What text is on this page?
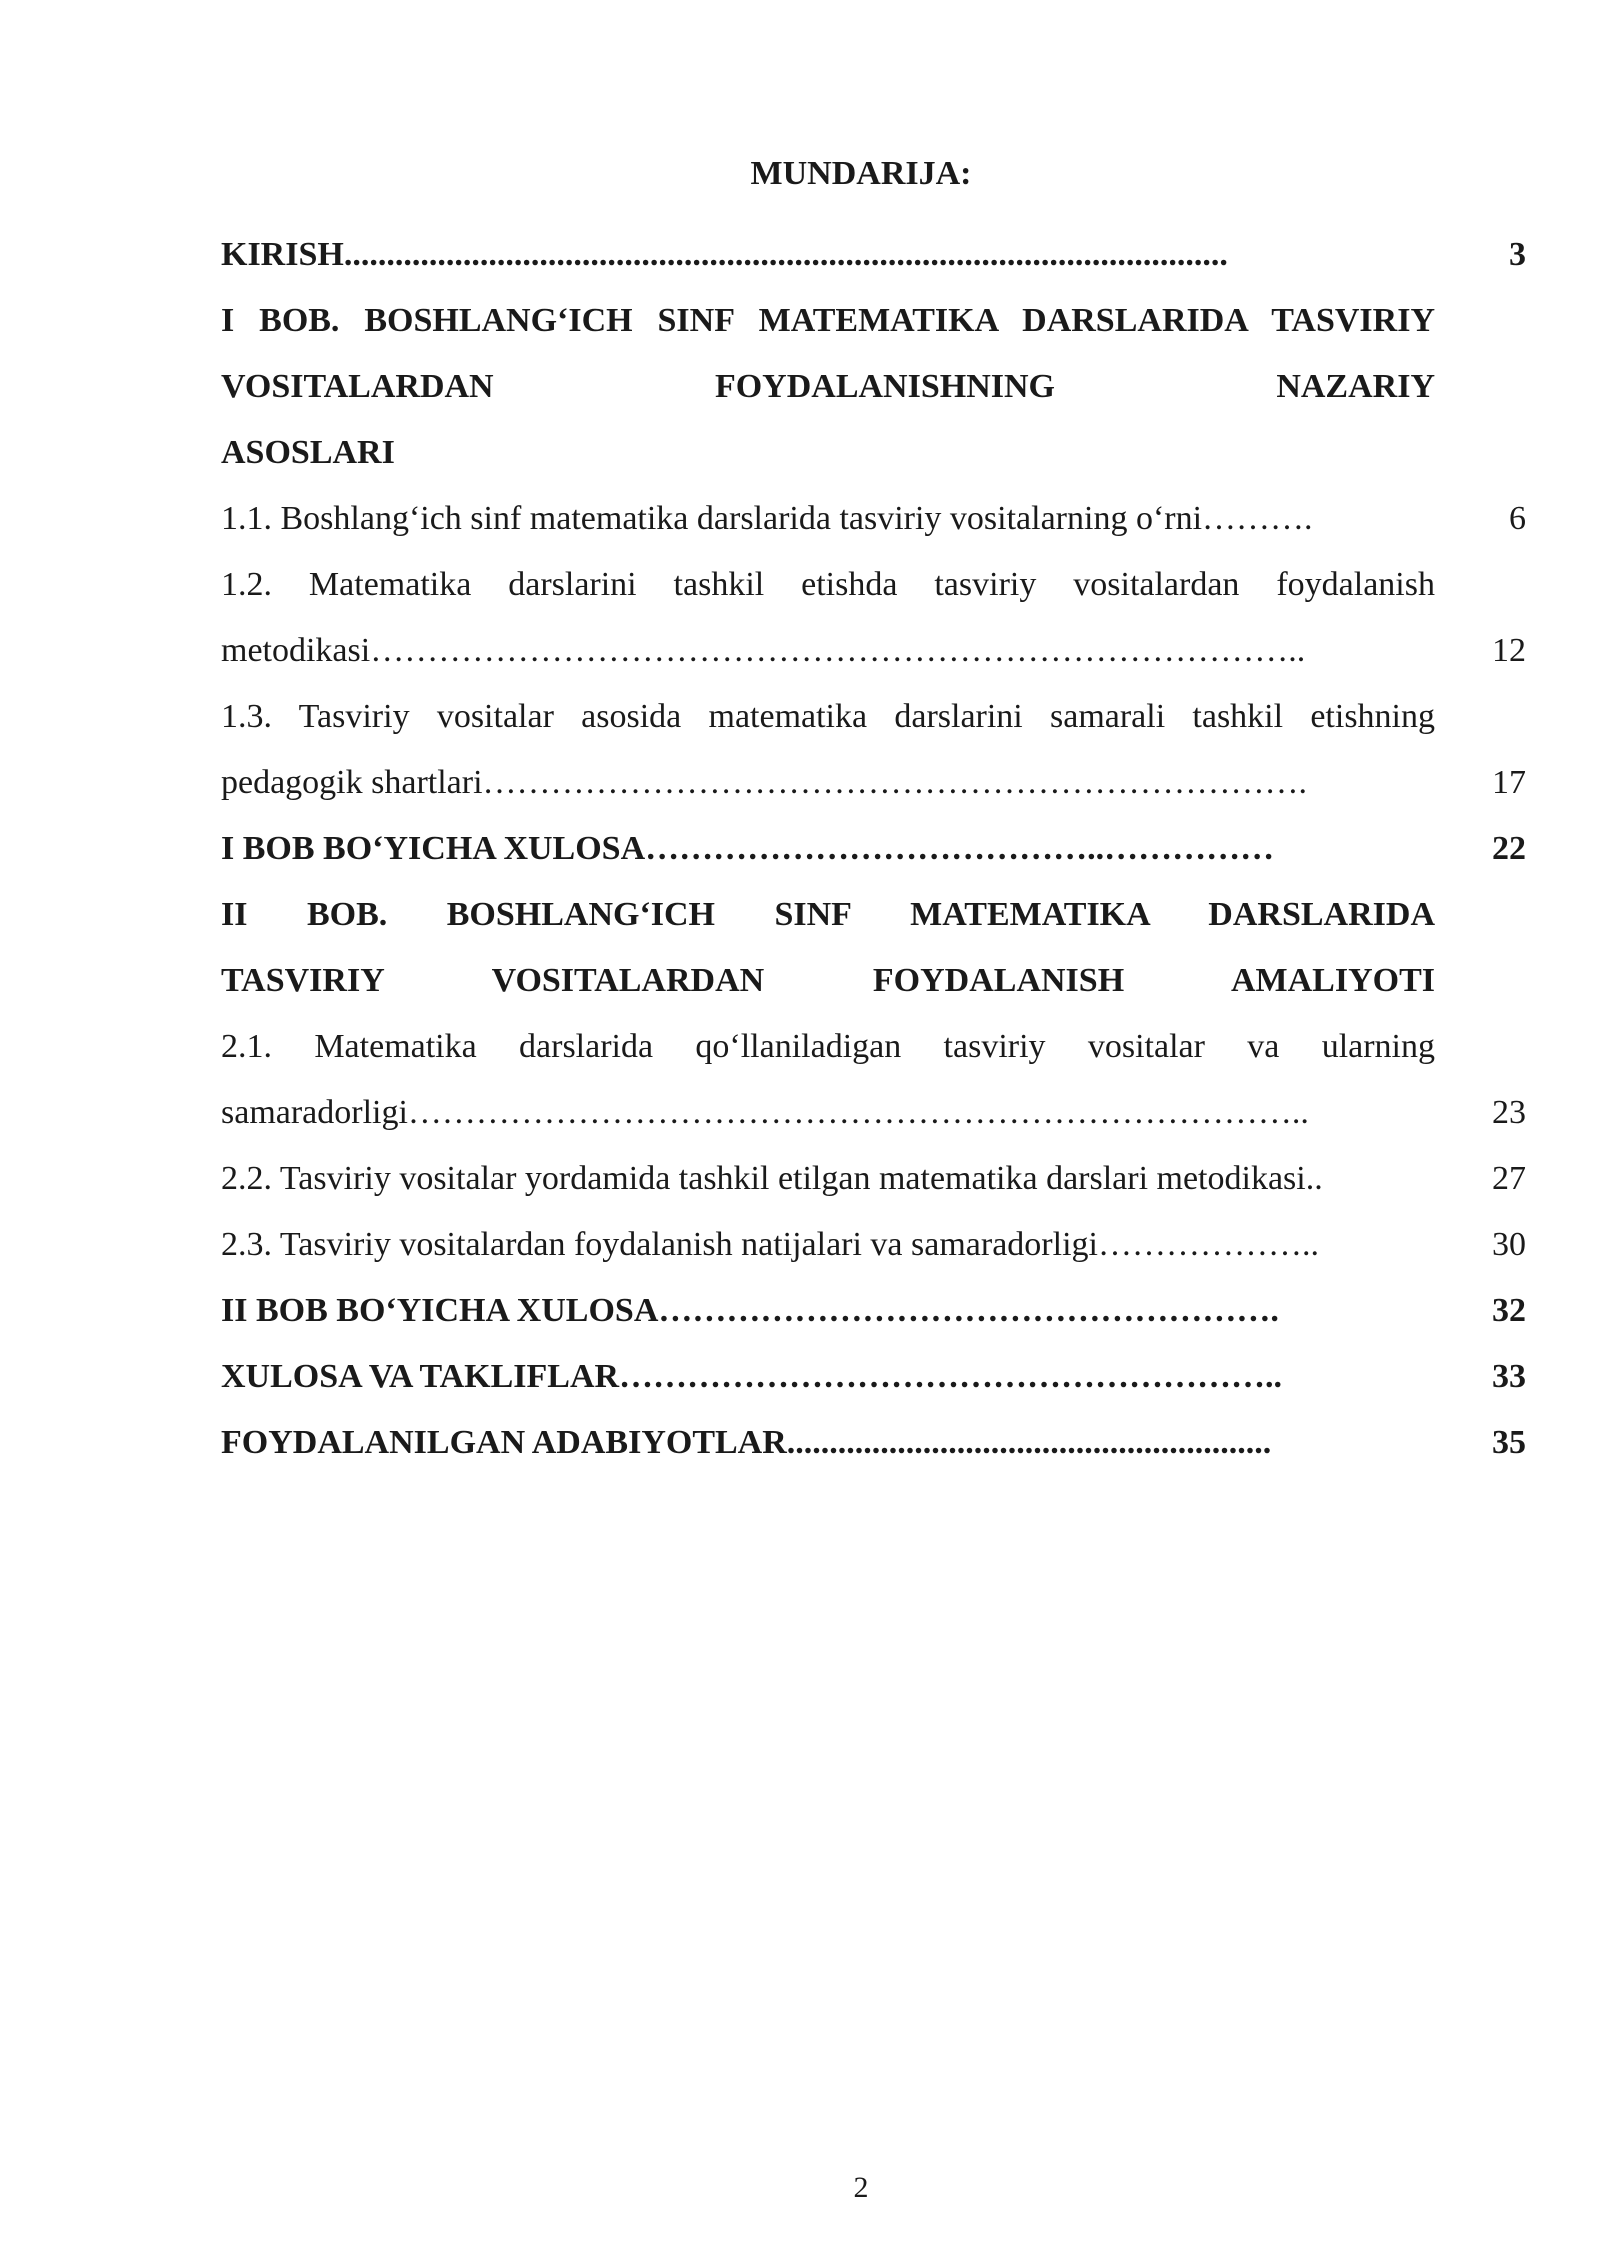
MUNDARIJA:
KIRISH........................................................................................................	3
I BOB. BOSHLANG‘ICH SINF MATEMATIKA DARSLARIDA TASVIRIY VOSITALARDAN FOYDALANISHNING NAZARIY
ASOSLARI
1.1. Boshlang‘ich sinf matematika darslarida tasviriy vositalarning o‘rni……….	6
1.2. Matematika darslarini tashkil etishda tasviriy vositalardan foydalanish metodikasi………………………………………………………………………..	12
1.3. Tasviriy vositalar asosida matematika darslarini samarali tashkil etishning pedagogik shartlari……………………………………………………………….	17
I BOB BO‘YICHA XULOSA…………………………………..……………	22
II BOB. BOSHLANG‘ICH SINF MATEMATIKA DARSLARIDA
TASVIRIY VOSITALARDAN FOYDALANISH AMALIYOTI
2.1. Matematika darslarida qo‘llaniladigan tasviriy vositalar va ularning samaradorligi……………………………………………………………………..	23
2.2. Tasviriy vositalar yordamida tashkil etilgan matematika darslari metodikasi..	27
2.3. Tasviriy vositalardan foydalanish natijalari va samaradorligi………………..	30
II BOB BO‘YICHA XULOSA……………………………………………….	32
XULOSA VA TAKLIFLAR…………………………………………………..	33
FOYDALANILGAN ADABIYOTLAR.........................................................	35
2
